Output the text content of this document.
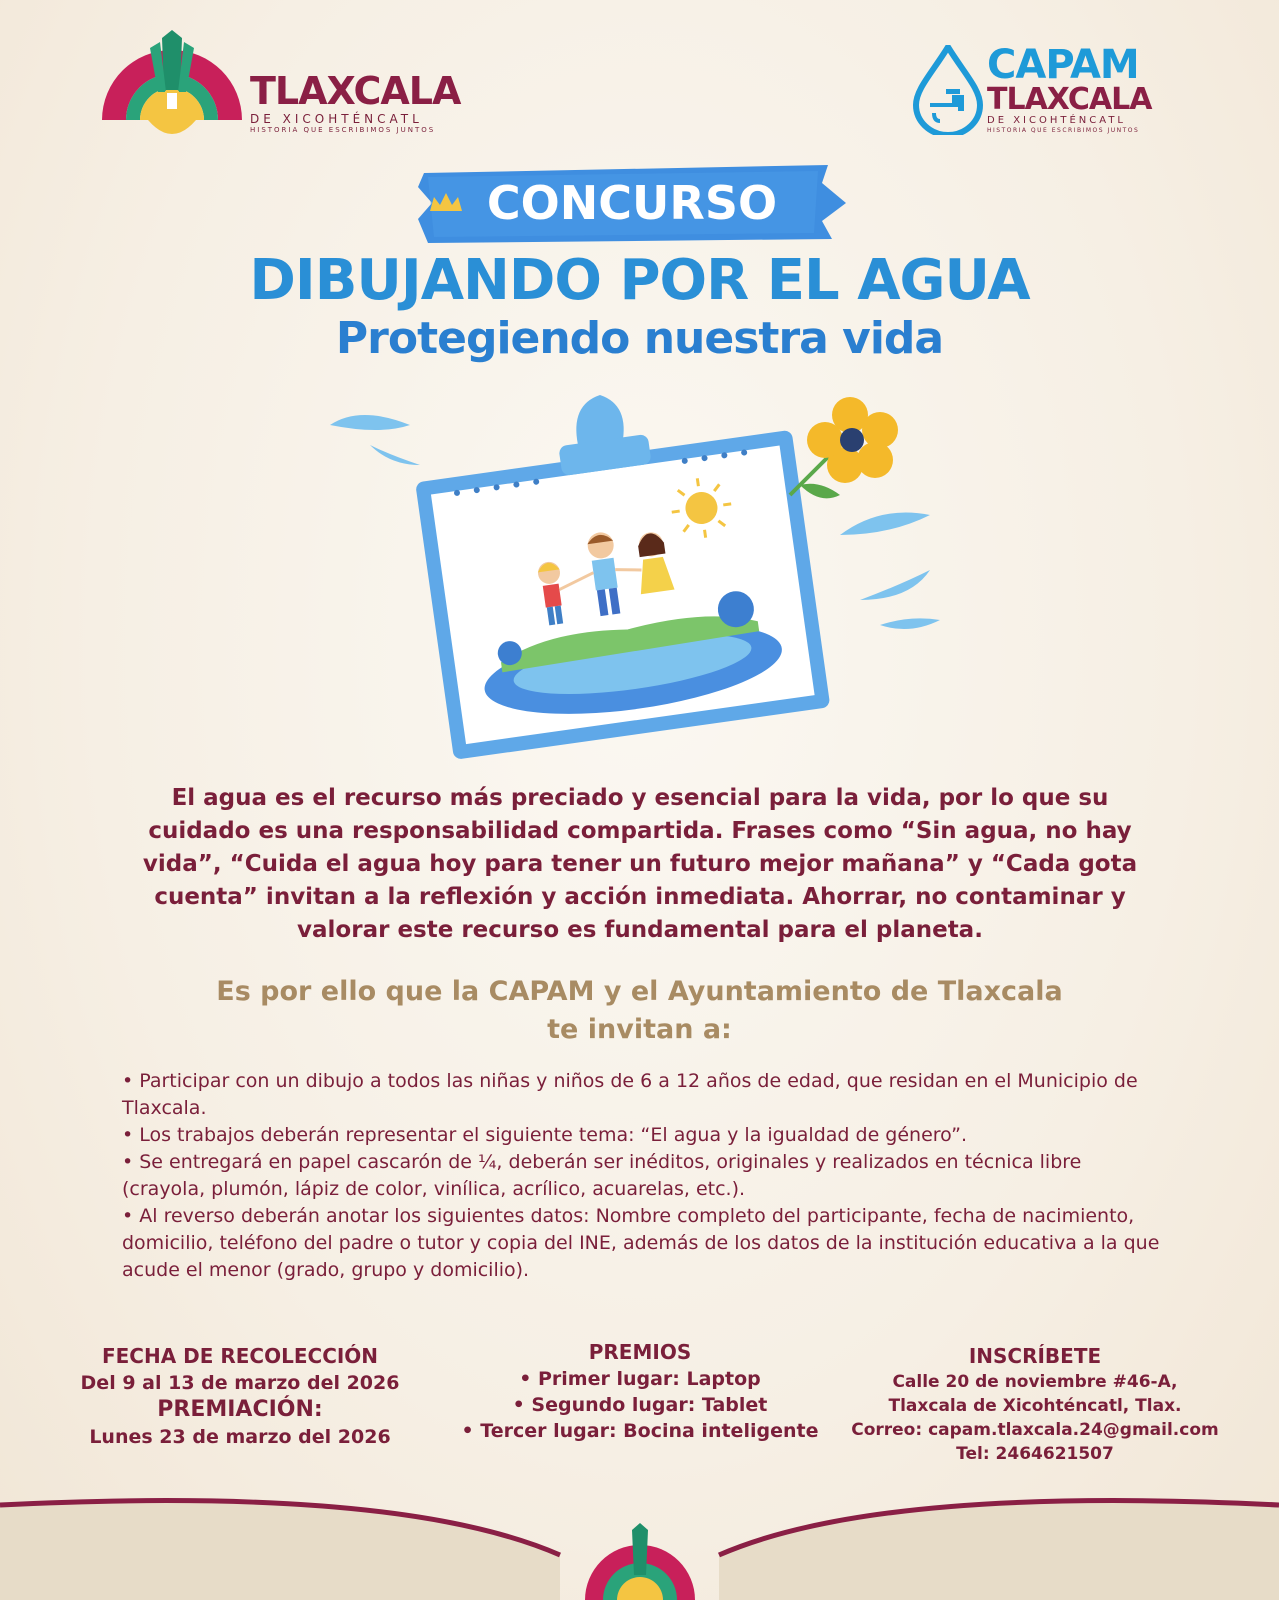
TLAXCALA
DE XICOHTÉNCATL
HISTORIA QUE ESCRIBIMOS JUNTOS
CAPAM
TLAXCALA
DE XICOHTÉNCATL
HISTORIA QUE ESCRIBIMOS JUNTOS
CONCURSO
DIBUJANDO POR EL AGUA
Protegiendo nuestra vida
El agua es el recurso más preciado y esencial para la vida, por lo que su cuidado es una responsabilidad compartida. Frases como “Sin agua, no hay vida”, “Cuida el agua hoy para tener un futuro mejor mañana” y “Cada gota cuenta” invitan a la reflexión y acción inmediata. Ahorrar, no contaminar y valorar este recurso es fundamental para el planeta.
Es por ello que la CAPAM y el Ayuntamiento de Tlaxcala
te invitan a:

• Participar con un dibujo a todos las niñas y niños de 6 a 12 años de edad, que residan en el Municipio de Tlaxcala.

• Los trabajos deberán representar el siguiente tema: “El agua y la igualdad de género”.

• Se entregará en papel cascarón de ¼, deberán ser inéditos, originales y realizados en técnica libre (crayola, plumón, lápiz de color, vinílica, acrílico, acuarelas, etc.).

• Al reverso deberán anotar los siguientes datos: Nombre completo del participante, fecha de nacimiento, domicilio, teléfono del padre o tutor y copia del INE, además de los datos de la institución educativa a la que acude el menor (grado, grupo y domicilio).

FECHA DE RECOLECCIÓN
Del 9 al 13 de marzo del 2026
PREMIACIÓN:
Lunes 23 de marzo del 2026
PREMIOS
• Primer lugar: Laptop
• Segundo lugar: Tablet
• Tercer lugar: Bocina inteligente
INSCRÍBETE
Calle 20 de noviembre #46-A,
Tlaxcala de Xicohténcatl, Tlax.
Correo: capam.tlaxcala.24@gmail.com
Tel: 2464621507
